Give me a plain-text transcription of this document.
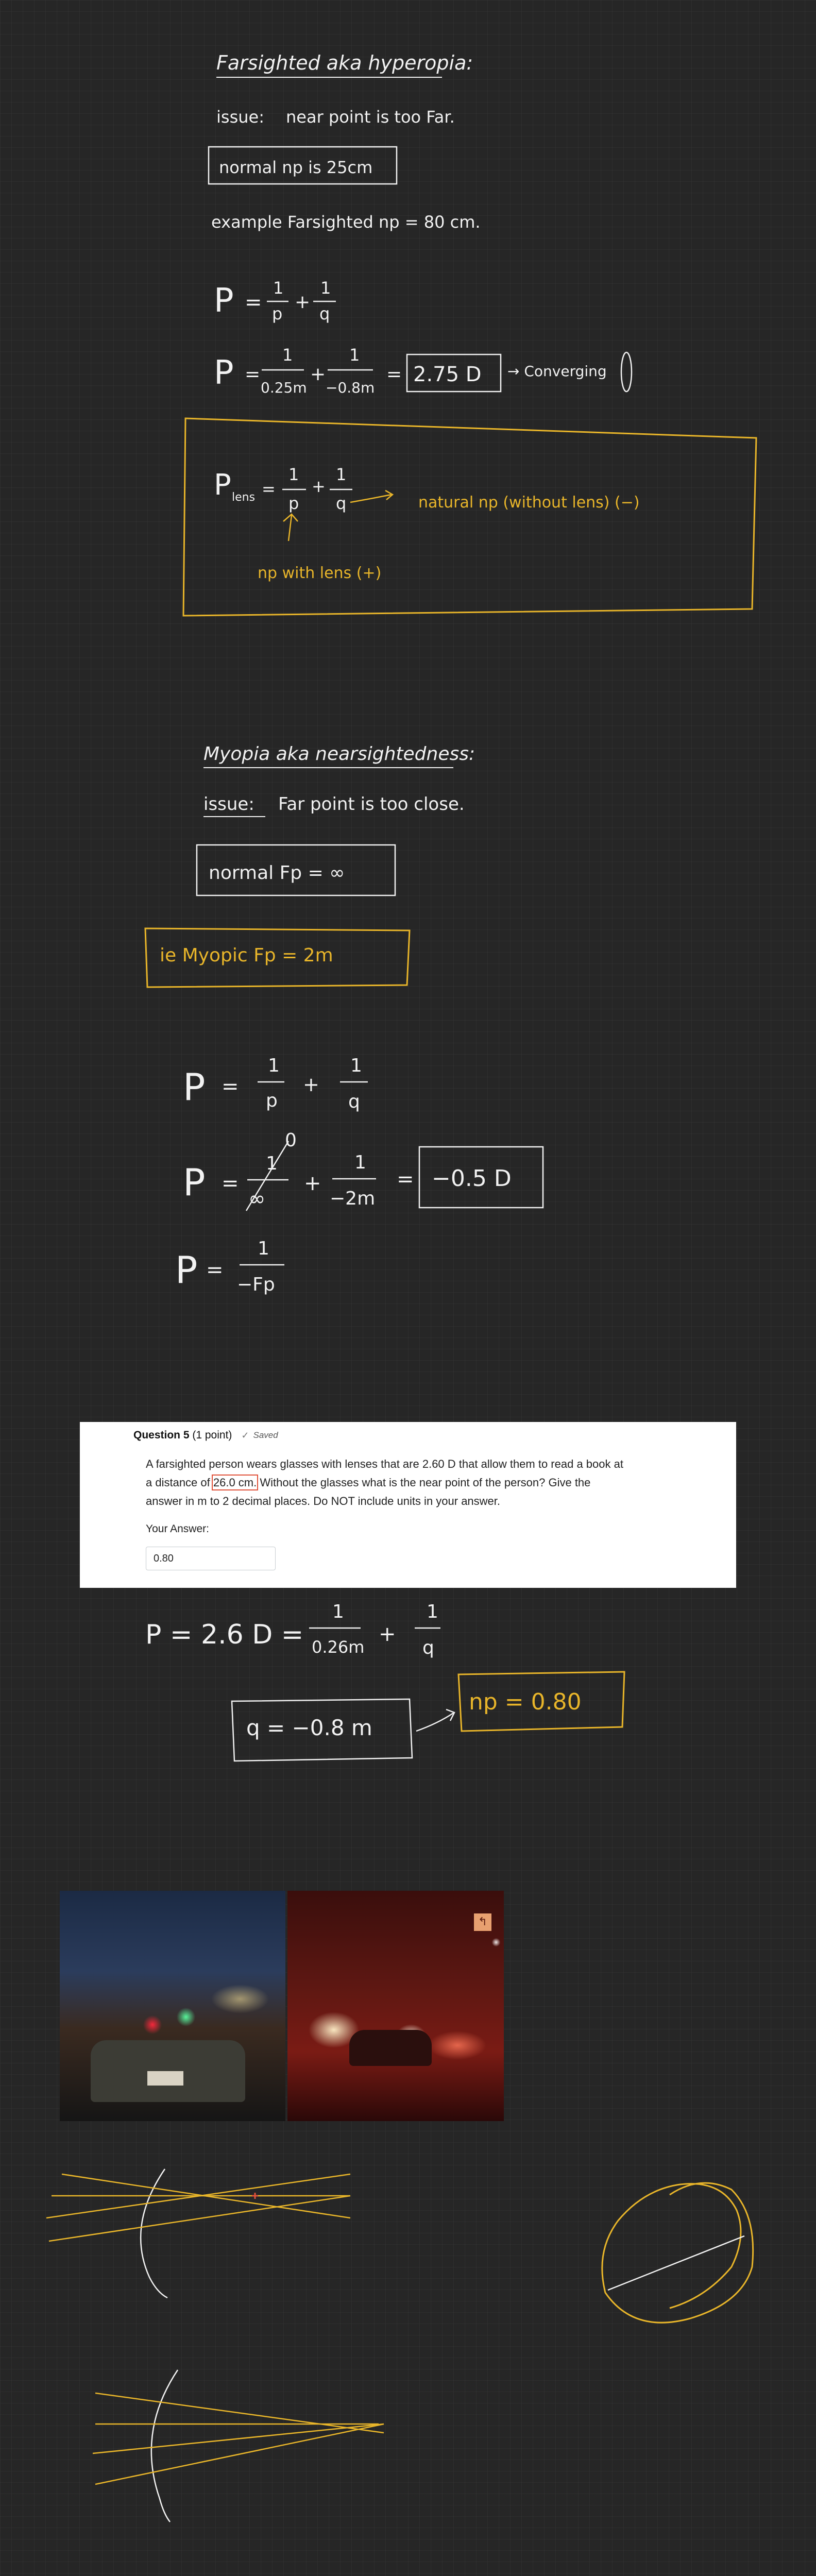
Farsighted aka hyperopia:
issue: near point is too Far.
normal np is 25cm
example Farsighted np = 80 cm.
P =
1
p
+
1
q
P =
1
0.25m
+
1
−0.8m
= 2.75 D → Converging
P lens =
1
p
+
1
q	natural np (without lens) (−)
np with lens (+)
Myopia aka nearsightedness:
issue: Far point is too close.
normal Fp = ∞
ie Myopic Fp = 2m
P =
1
p
+
1
q
P =
1
∞
0
+
1
−2m
= −0.5 D
P =
1
−Fp
P = 2.6 D =
1
0.26m
+
1
q
q = −0.8 m
np = 0.80
Question 5 (1 point) ✓ Saved
A farsighted person wears glasses with lenses that are 2.60 D that allow them to read a book at a distance of 26.0 cm. Without the glasses what is the near point of the person? Give the answer in m to 2 decimal places. Do NOT include units in your answer.
Your Answer:
0.80
↰
